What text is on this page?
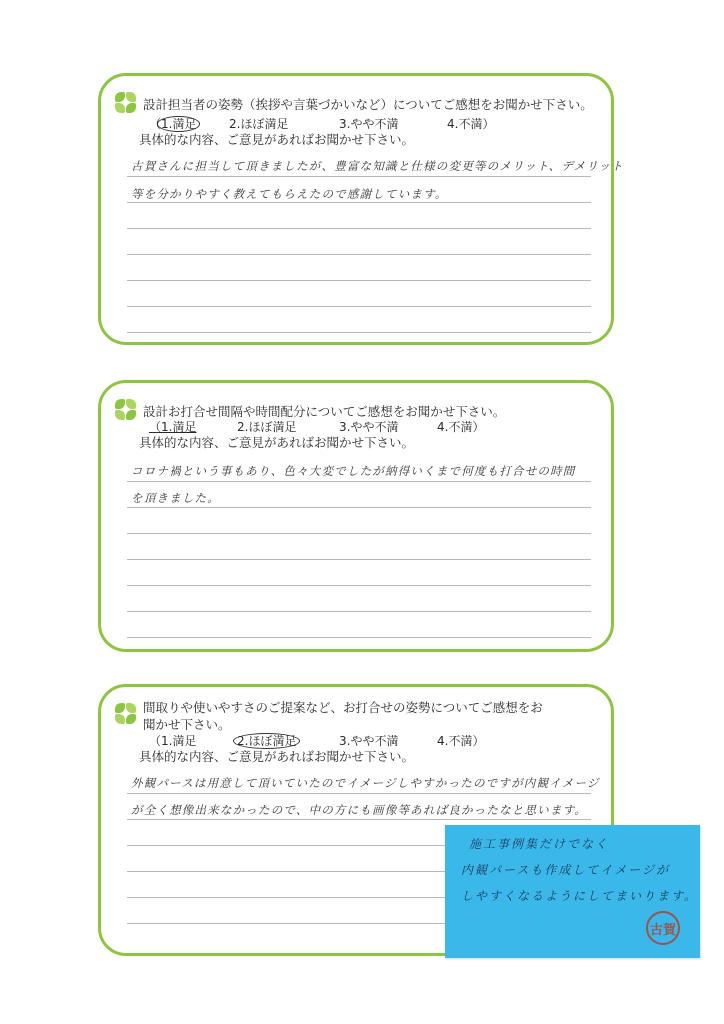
設計担当者の姿勢（挨拶や言葉づかいなど）についてご感想をお聞かせ下さい。
（1.満足	2.ほぼ満足	3.やや不満	4.不満）
具体的な内容、ご意見があればお聞かせ下さい。
古賀さんに担当して頂きましたが、豊富な知識と仕様の変更等のメリット、デメリット
等を分かりやすく教えてもらえたので感謝しています。
設計お打合せ間隔や時間配分についてご感想をお聞かせ下さい。
（1.満足	2.ほぼ満足	3.やや不満	4.不満）
具体的な内容、ご意見があればお聞かせ下さい。
コロナ禍という事もあり、色々大変でしたが納得いくまで何度も打合せの時間
を頂きました。
間取りや使いやすさのご提案など、お打合せの姿勢についてご感想をお
聞かせ下さい。
（1.満足	2.ほぼ満足	3.やや不満	4.不満）
具体的な内容、ご意見があればお聞かせ下さい。
外観パースは用意して頂いていたのでイメージしやすかったのですが内観イメージ
が全く想像出来なかったので、中の方にも画像等あれば良かったなと思います。
施工事例集だけでなく
内観パースも作成してイメージが
しやすくなるようにしてまいります。
古賀
